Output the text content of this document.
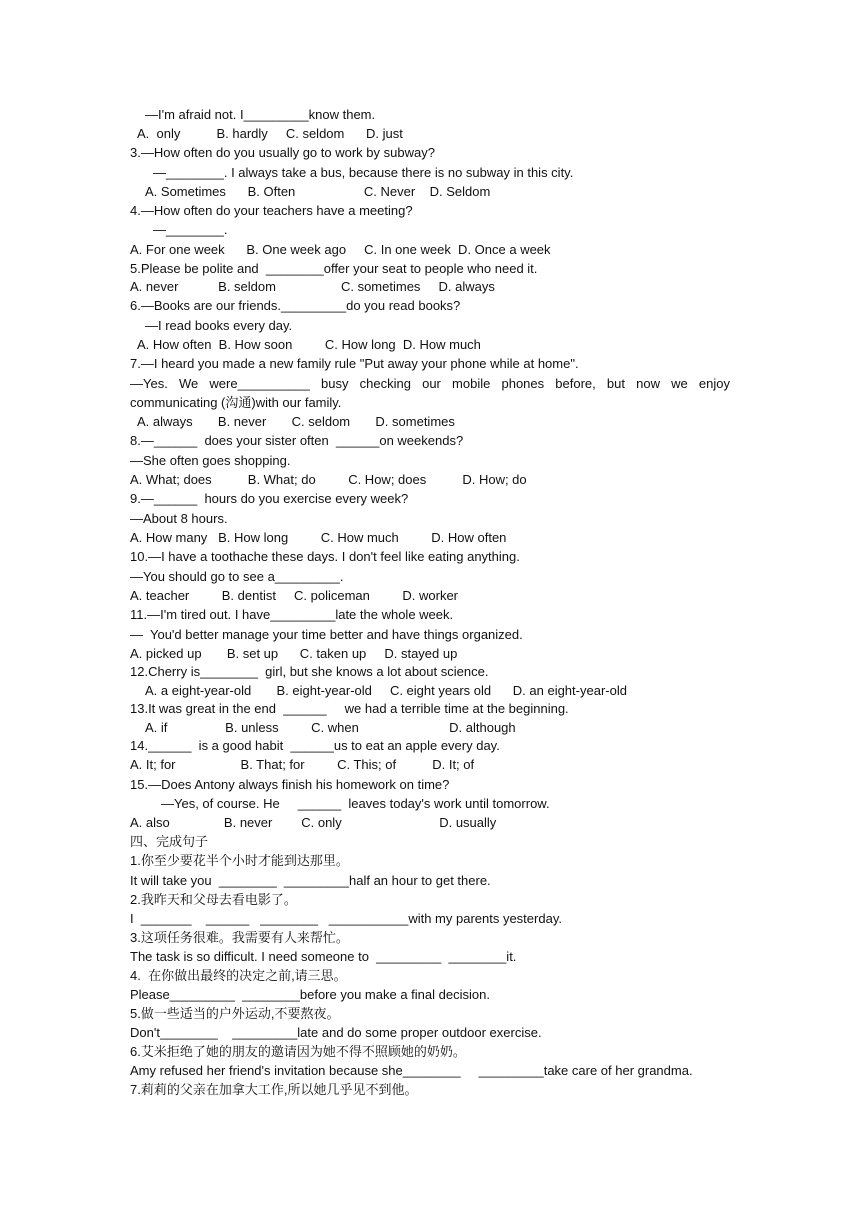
—I'm afraid not. I_________know them.
A.  only          B. hardly     C. seldom      D. just
3.—How often do you usually go to work by subway?
—________. I always take a bus, because there is no subway in this city.
A. Sometimes      B. Often                   C. Never    D. Seldom
4.—How often do your teachers have a meeting?
—________.
A. For one week      B. One week ago     C. In one week  D. Once a week
5.Please be polite and  ________offer your seat to people who need it.
A. never           B. seldom                  C. sometimes     D. always
6.—Books are our friends._________do you read books?
—I read books every day.
A. How often  B. How soon         C. How long  D. How much
7.—I heard you made a new family rule "Put away your phone while at home".
—Yes. We were__________ busy checking our mobile phones before, but now we enjoy
communicating (沟通)with our family.
A. always       B. never       C. seldom       D. sometimes
8.—______  does your sister often  ______on weekends?
—She often goes shopping.
A. What; does          B. What; do         C. How; does          D. How; do
9.—______  hours do you exercise every week?
—About 8 hours.
A. How many   B. How long         C. How much         D. How often
10.—I have a toothache these days. I don't feel like eating anything.
—You should go to see a_________.
A. teacher         B. dentist     C. policeman         D. worker
11.—I'm tired out. I have_________late the whole week.
—  You'd better manage your time better and have things organized.
A. picked up       B. set up      C. taken up     D. stayed up
12.Cherry is________  girl, but she knows a lot about science.
A. a eight-year-old       B. eight-year-old     C. eight years old      D. an eight-year-old
13.It was great in the end  ______     we had a terrible time at the beginning.
A. if                B. unless         C. when                         D. although
14.______  is a good habit  ______us to eat an apple every day.
A. It; for                  B. That; for         C. This; of          D. It; of
15.—Does Antony always finish his homework on time?
—Yes, of course. He     ______  leaves today's work until tomorrow.
A. also               B. never        C. only                           D. usually
四、完成句子
1.你至少要花半个小时才能到达那里。
It will take you  ________  _________half an hour to get there.
2.我昨天和父母去看电影了。
I  _______    ______   ________   ___________with my parents yesterday.
3.这项任务很难。我需要有人来帮忙。
The task is so difficult. I need someone to  _________  ________it.
4.  在你做出最终的决定之前,请三思。
Please_________  ________before you make a final decision.
5.做一些适当的户外运动,不要熬夜。
Don't________    _________late and do some proper outdoor exercise.
6.艾米拒绝了她的朋友的邀请因为她不得不照顾她的奶奶。
Amy refused her friend's invitation because she________     _________take care of her grandma.
7.莉莉的父亲在加拿大工作,所以她几乎见不到他。
